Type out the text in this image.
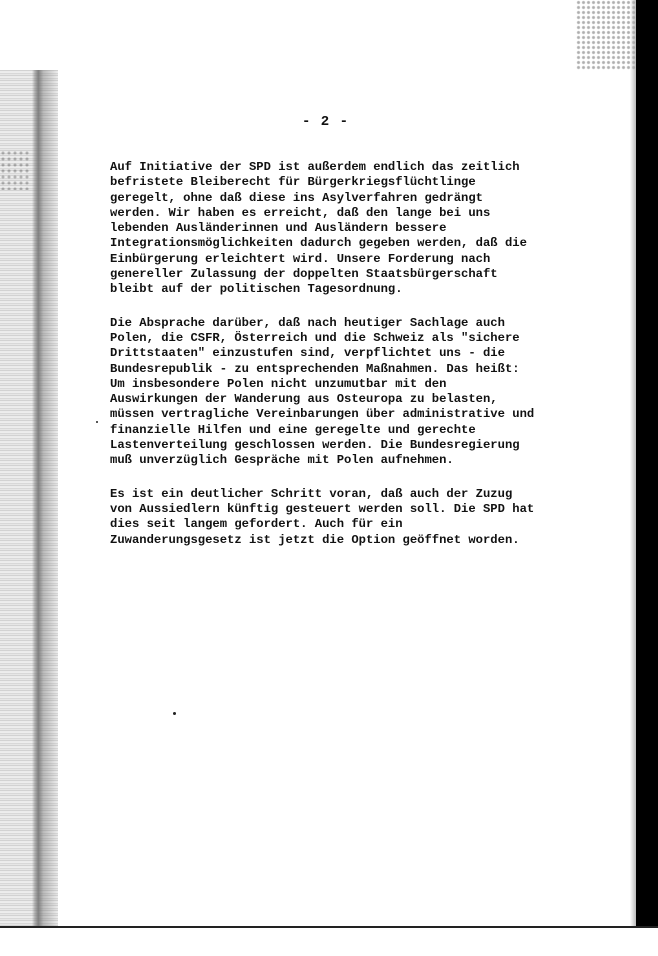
- 2 -

Auf Initiative der SPD ist außerdem endlich das zeitlich
befristete Bleiberecht für Bürgerkriegsflüchtlinge
geregelt, ohne daß diese ins Asylverfahren gedrängt
werden. Wir haben es erreicht, daß den lange bei uns
lebenden Ausländerinnen und Ausländern bessere
Integrationsmöglichkeiten dadurch gegeben werden, daß die
Einbürgerung erleichtert wird. Unsere Forderung nach
genereller Zulassung der doppelten Staatsbürgerschaft
bleibt auf der politischen Tagesordnung.

Die Absprache darüber, daß nach heutiger Sachlage auch
Polen, die CSFR, Österreich und die Schweiz als "sichere
Drittstaaten" einzustufen sind, verpflichtet uns - die
Bundesrepublik - zu entsprechenden Maßnahmen. Das heißt:
Um insbesondere Polen nicht unzumutbar mit den
Auswirkungen der Wanderung aus Osteuropa zu belasten,
müssen vertragliche Vereinbarungen über administrative und
finanzielle Hilfen und eine geregelte und gerechte
Lastenverteilung geschlossen werden. Die Bundesregierung
muß unverzüglich Gespräche mit Polen aufnehmen.

Es ist ein deutlicher Schritt voran, daß auch der Zuzug
von Aussiedlern künftig gesteuert werden soll. Die SPD hat
dies seit langem gefordert. Auch für ein
Zuwanderungsgesetz ist jetzt die Option geöffnet worden.
